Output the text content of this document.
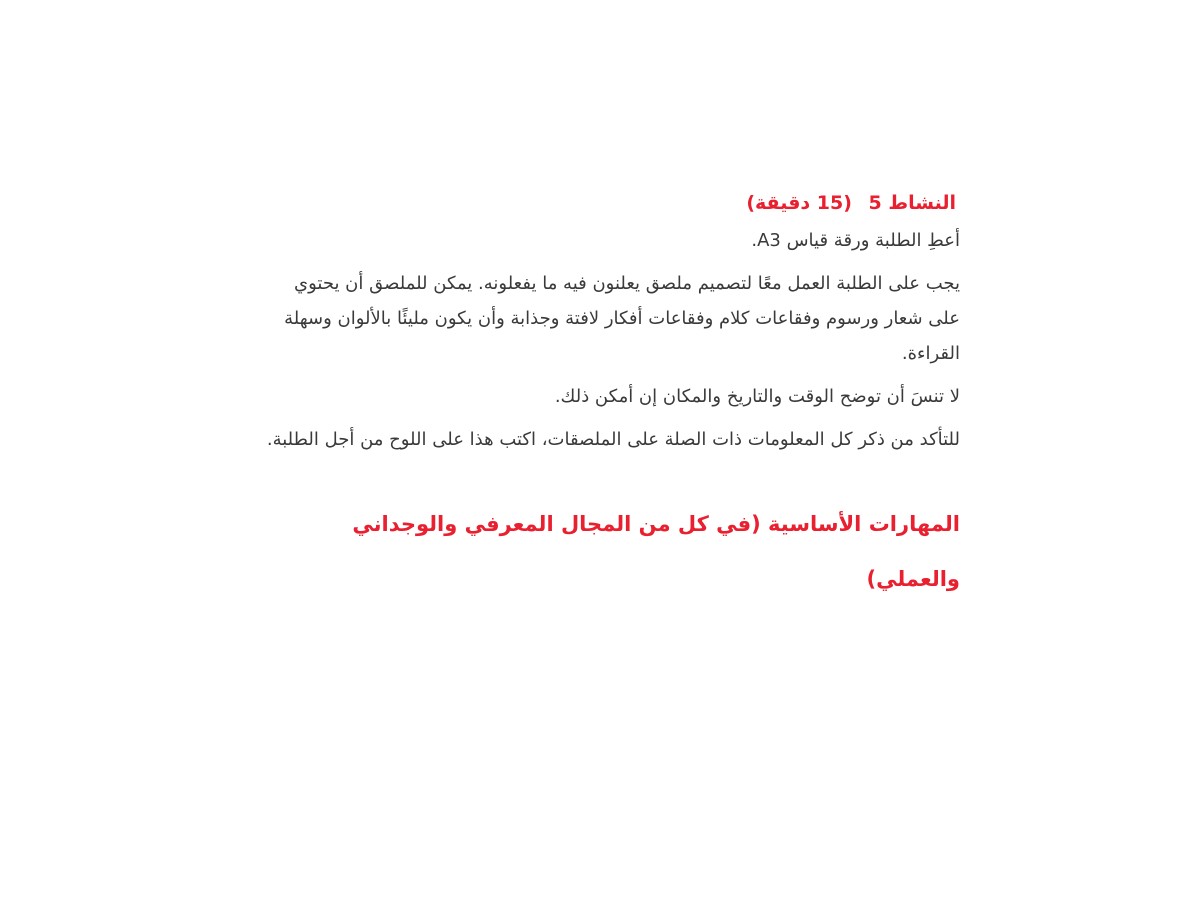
النشاط 5 (15 دقيقة)

أعطِ الطلبة ورقة قياس A3.

يجب على الطلبة العمل معًا لتصميم ملصق يعلنون فيه ما يفعلونه. يمكن للملصق أن يحتوي على شعار ورسوم وفقاعات كلام وفقاعات أفكار لافتة وجذابة وأن يكون مليئًا بالألوان وسهلة القراءة.

لا تنسَ أن توضح الوقت والتاريخ والمكان إن أمكن ذلك.

للتأكد من ذكر كل المعلومات ذات الصلة على الملصقات، اكتب هذا على اللوح من أجل الطلبة.

المهارات الأساسية (في كل من المجال المعرفي والوجداني والعملي)
